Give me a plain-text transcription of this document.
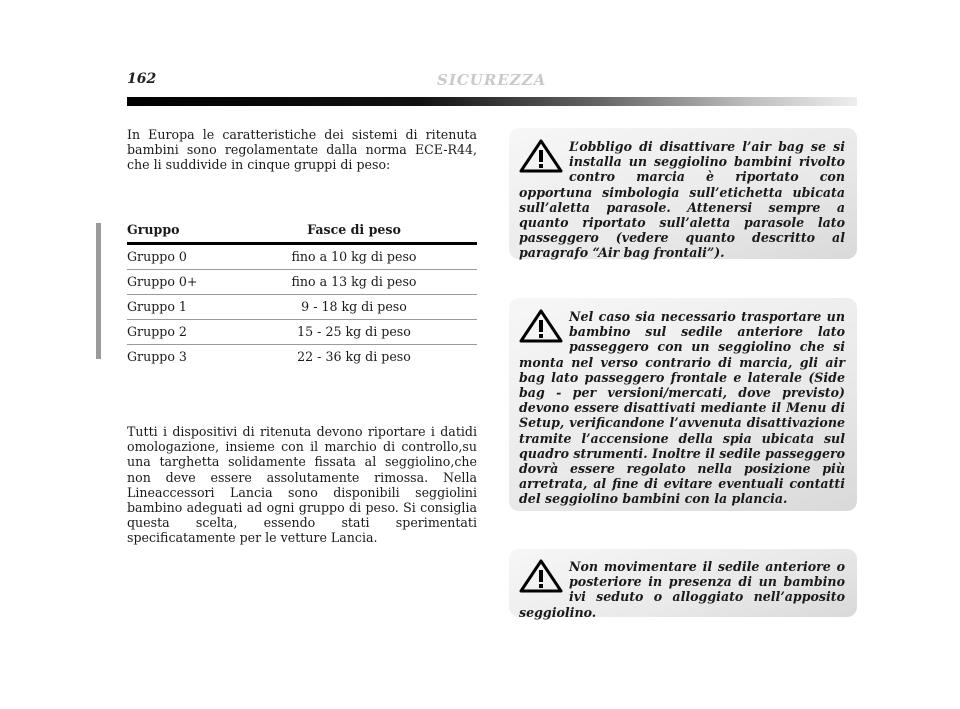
162	SICUREZZA

In Europa le caratteristiche dei sistemi di ritenuta bambini sono regolamentate dalla norma ECE-R44, che li suddivide in cinque gruppi di peso:

Gruppo	Fasce di peso
Gruppo 0	fino a 10 kg di peso
Gruppo 0+	fino a 13 kg di peso
Gruppo 1	9 - 18 kg di peso
Gruppo 2	15 - 25 kg di peso
Gruppo 3	22 - 36 kg di peso

Tutti i dispositivi di ritenuta devono riportare i datidi omologazione, insieme con il marchio di controllo,su una targhetta solidamente fissata al seggiolino,che non deve essere assolutamente rimossa. Nella Lineaccessori Lancia sono disponibili seggiolini bambino adeguati ad ogni gruppo di peso. Si consiglia questa scelta, essendo stati sperimentati specificatamente per le vetture Lancia.

L’obbligo di disattivare l’air bag se si installa un seggiolino bambini rivolto contro marcia è riportato con opportuna simbologia sull’etichetta ubicata sull’aletta parasole. Attenersi sempre a quanto riportato sull’aletta parasole lato passeggero (vedere quanto descritto al paragrafo “Air bag frontali”).
Nel caso sia necessario trasportare un bambino sul sedile anteriore lato passeggero con un seggiolino che si monta nel verso contrario di marcia, gli air bag lato passeggero frontale e laterale (Side bag - per versioni/mercati, dove previsto) devono essere disattivati mediante il Menu di Setup, verificandone l’avvenuta disattivazione tramite l’accensione della spia ubicata sul quadro strumenti. Inoltre il sedile passeggero dovrà essere regolato nella posizione più arretrata, al fine di evitare eventuali contatti del seggiolino bambini con la plancia.
Non movimentare il sedile anteriore o posteriore in presenza di un bambino ivi seduto o alloggiato nell’apposito seggiolino.
